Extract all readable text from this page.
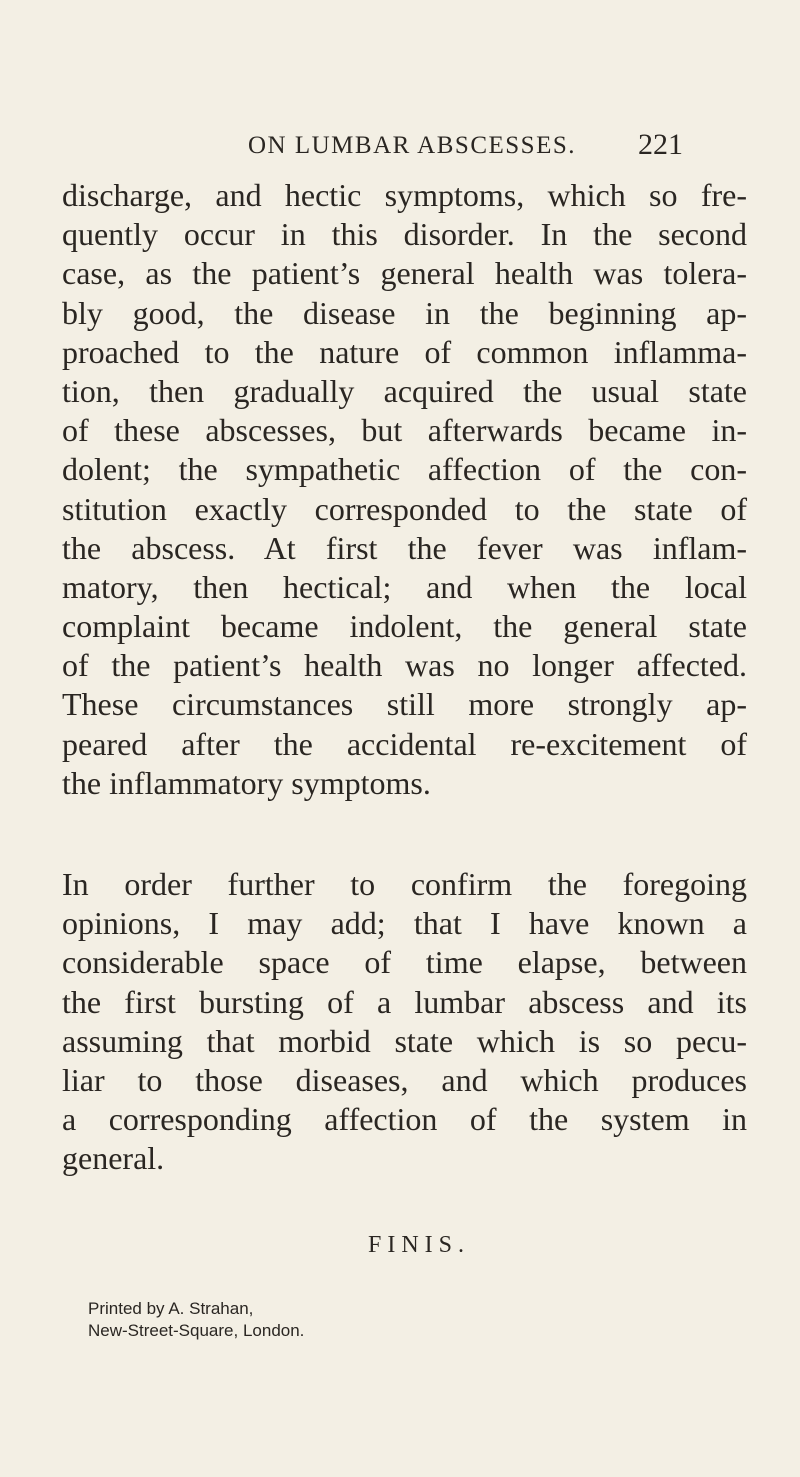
ON LUMBAR ABSCESSES. 221
discharge, and hectic symptoms, which so fre-
quently occur in this disorder. In the second
case, as the patient’s general health was tolera-
bly good, the disease in the beginning ap-
proached to the nature of common inflamma-
tion, then gradually acquired the usual state
of these abscesses, but afterwards became in-
dolent; the sympathetic affection of the con-
stitution exactly corresponded to the state of
the abscess. At first the fever was inflam-
matory, then hectical; and when the local
complaint became indolent, the general state
of the patient’s health was no longer affected.
These circumstances still more strongly ap-
peared after the accidental re-excitement of
the inflammatory symptoms.
In order further to confirm the foregoing
opinions, I may add; that I have known a
considerable space of time elapse, between
the first bursting of a lumbar abscess and its
assuming that morbid state which is so pecu-
liar to those diseases, and which produces
a corresponding affection of the system in
general.
FINIS.
Printed by A. Strahan,
New-Street-Square, London.
